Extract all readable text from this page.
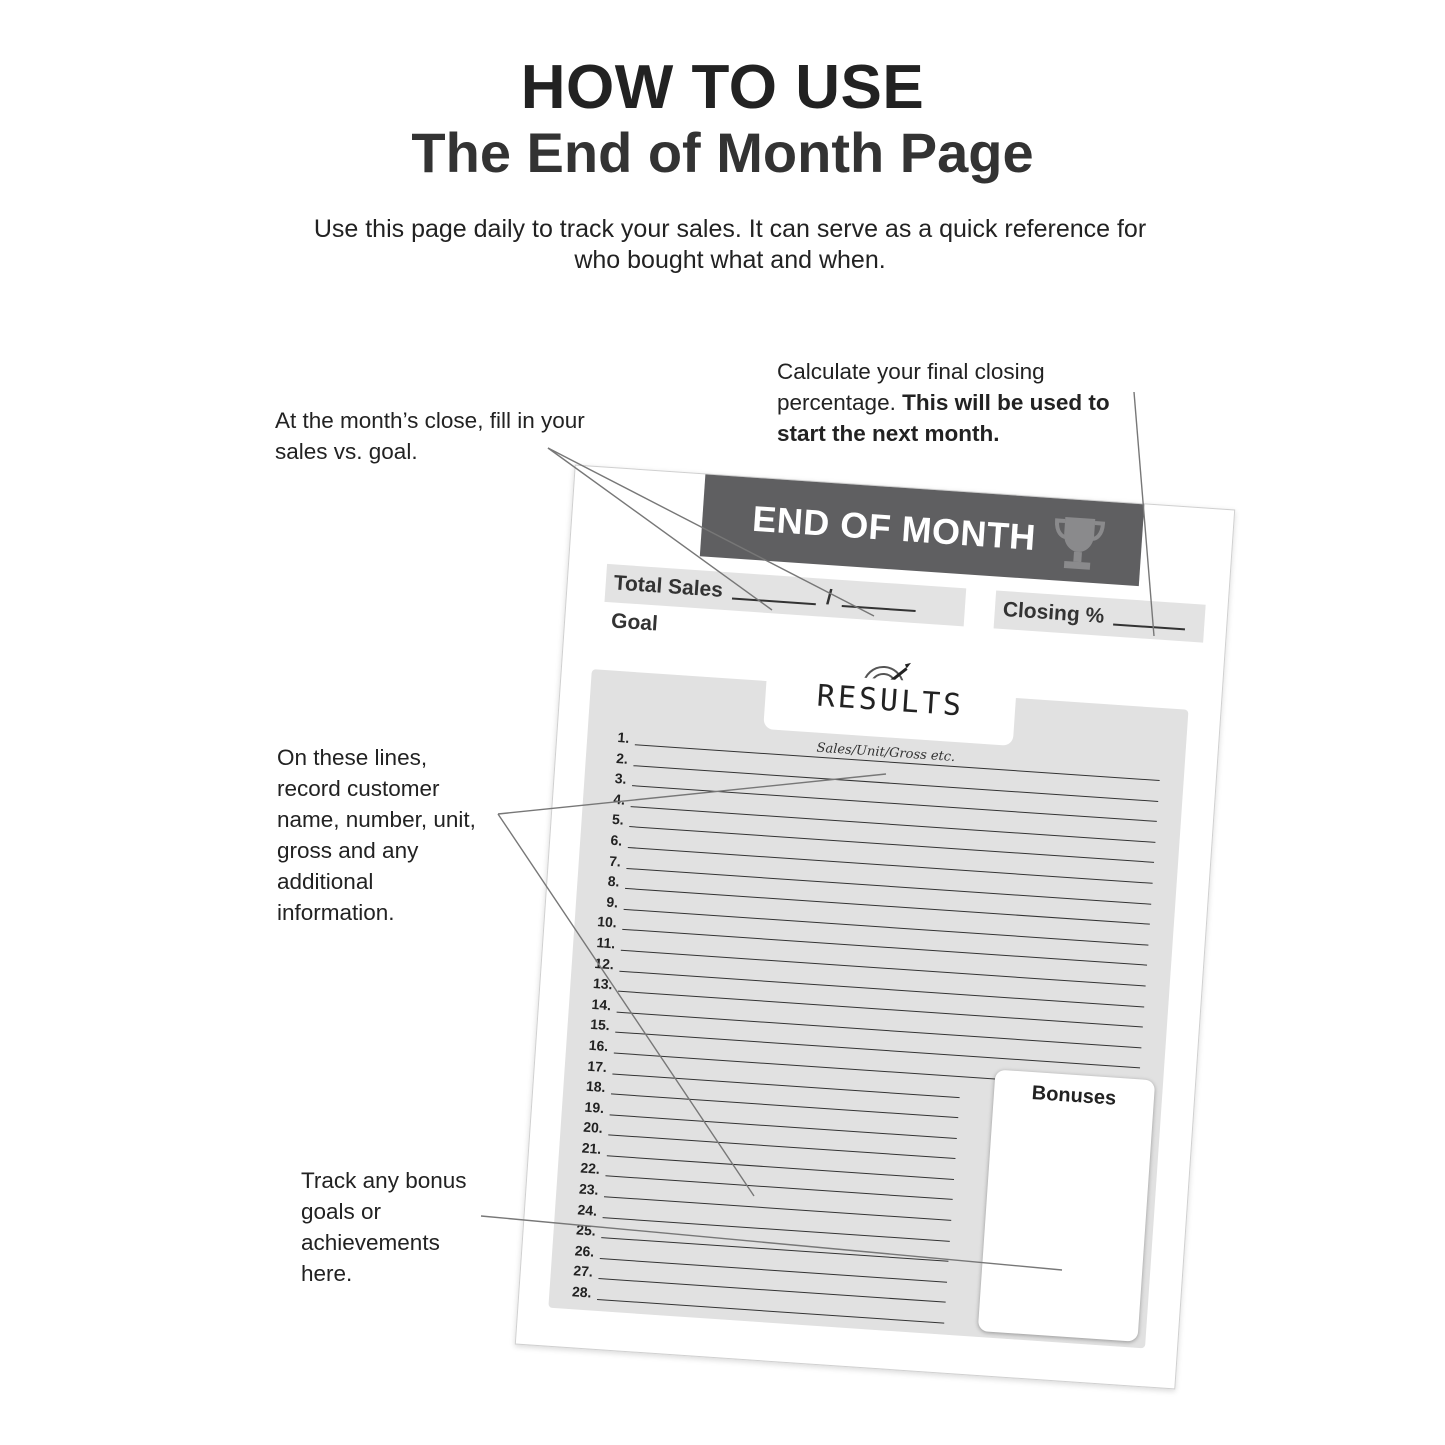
HOW TO USE
The End of Month Page
Use this page daily to track your sales. It can serve as a quick reference for who bought what and when.
At the month’s close, fill in your sales vs. goal.
Calculate your final closing percentage. This will be used to start the next month.
On these lines, record customer name, number, unit, gross and any additional information.
Track any bonus goals or achievements here.
END OF MONTH
Total Sales	/  Goal	Closing %
RESULTS
Sales/Unit/Gross etc.
1.
2.
3.
4.
5.
6.
7.
8.
9.
10.
11.
12.
13.
14.
15.
16.
17.
18.
19.
20.
21.
22.
23.
24.
25.
26.
27.
28.
Bonuses
